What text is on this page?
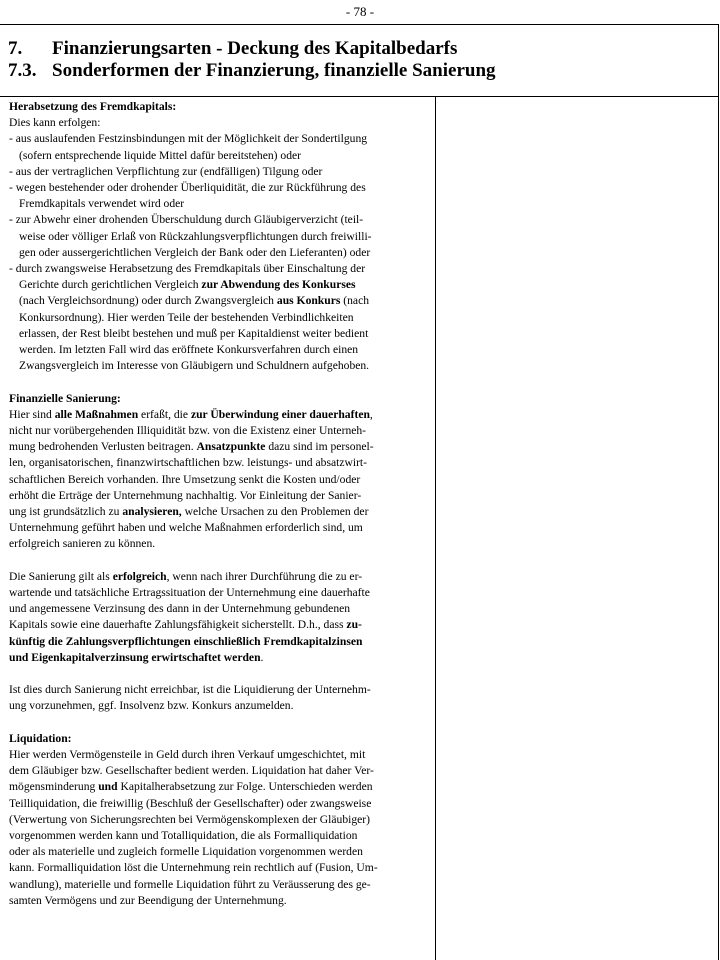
- 78 -
7. Finanzierungsarten - Deckung des Kapitalbedarfs
7.3. Sonderformen der Finanzierung, finanzielle Sanierung

Herabsetzung des Fremdkapitals:

Dies kann erfolgen:

- aus auslaufenden Festzinsbindungen mit der Möglichkeit der Sondertilgung

(sofern entsprechende liquide Mittel dafür bereitstehen) oder

- aus der vertraglichen Verpflichtung zur (endfälligen) Tilgung oder

- wegen bestehender oder drohender Überliquidität, die zur Rückführung des

Fremdkapitals verwendet wird oder

- zur Abwehr einer drohenden Überschuldung durch Gläubigerverzicht (teil-

weise oder völliger Erlaß von Rückzahlungsverpflichtungen durch freiwilli-

gen oder aussergerichtlichen Vergleich der Bank oder den Lieferanten) oder

- durch zwangsweise Herabsetzung des Fremdkapitals über Einschaltung der

Gerichte durch gerichtlichen Vergleich zur Abwendung des Konkurses

(nach Vergleichsordnung) oder durch Zwangsvergleich aus Konkurs (nach

Konkursordnung). Hier werden Teile der bestehenden Verbindlichkeiten

erlassen, der Rest bleibt bestehen und muß per Kapitaldienst weiter bedient

werden. Im letzten Fall wird das eröffnete Konkursverfahren durch einen

Zwangsvergleich im Interesse von Gläubigern und Schuldnern aufgehoben.

Finanzielle Sanierung:

Hier sind alle Maßnahmen erfaßt, die zur Überwindung einer dauerhaften,

nicht nur vorübergehenden Illiquidität bzw. von die Existenz einer Unterneh-

mung bedrohenden Verlusten beitragen. Ansatzpunkte dazu sind im personel-

len, organisatorischen, finanzwirtschaftlichen bzw. leistungs- und absatzwirt-

schaftlichen Bereich vorhanden. Ihre Umsetzung senkt die Kosten und/oder

erhöht die Erträge der Unternehmung nachhaltig. Vor Einleitung der Sanier-

ung ist grundsätzlich zu analysieren, welche Ursachen zu den Problemen der

Unternehmung geführt haben und welche Maßnahmen erforderlich sind, um

erfolgreich sanieren zu können.

Die Sanierung gilt als erfolgreich, wenn nach ihrer Durchführung die zu er-

wartende und tatsächliche Ertragssituation der Unternehmung eine dauerhafte

und angemessene Verzinsung des dann in der Unternehmung gebundenen

Kapitals sowie eine dauerhafte Zahlungsfähigkeit sicherstellt. D.h., dass zu-

künftig die Zahlungsverpflichtungen einschließlich Fremdkapitalzinsen

und Eigenkapitalverzinsung erwirtschaftet werden.

Ist dies durch Sanierung nicht erreichbar, ist die Liquidierung der Unternehm-

ung vorzunehmen, ggf. Insolvenz bzw. Konkurs anzumelden.

Liquidation:

Hier werden Vermögensteile in Geld durch ihren Verkauf umgeschichtet, mit

dem Gläubiger bzw. Gesellschafter bedient werden. Liquidation hat daher Ver-

mögensminderung und Kapitalherabsetzung zur Folge. Unterschieden werden

Teilliquidation, die freiwillig (Beschluß der Gesellschafter) oder zwangsweise

(Verwertung von Sicherungsrechten bei Vermögenskomplexen der Gläubiger)

vorgenommen werden kann und Totalliquidation, die als Formalliquidation

oder als materielle und zugleich formelle Liquidation vorgenommen werden

kann. Formalliquidation löst die Unternehmung rein rechtlich auf (Fusion, Um-

wandlung), materielle und formelle Liquidation führt zu Veräusserung des ge-

samten Vermögens und zur Beendigung der Unternehmung.
